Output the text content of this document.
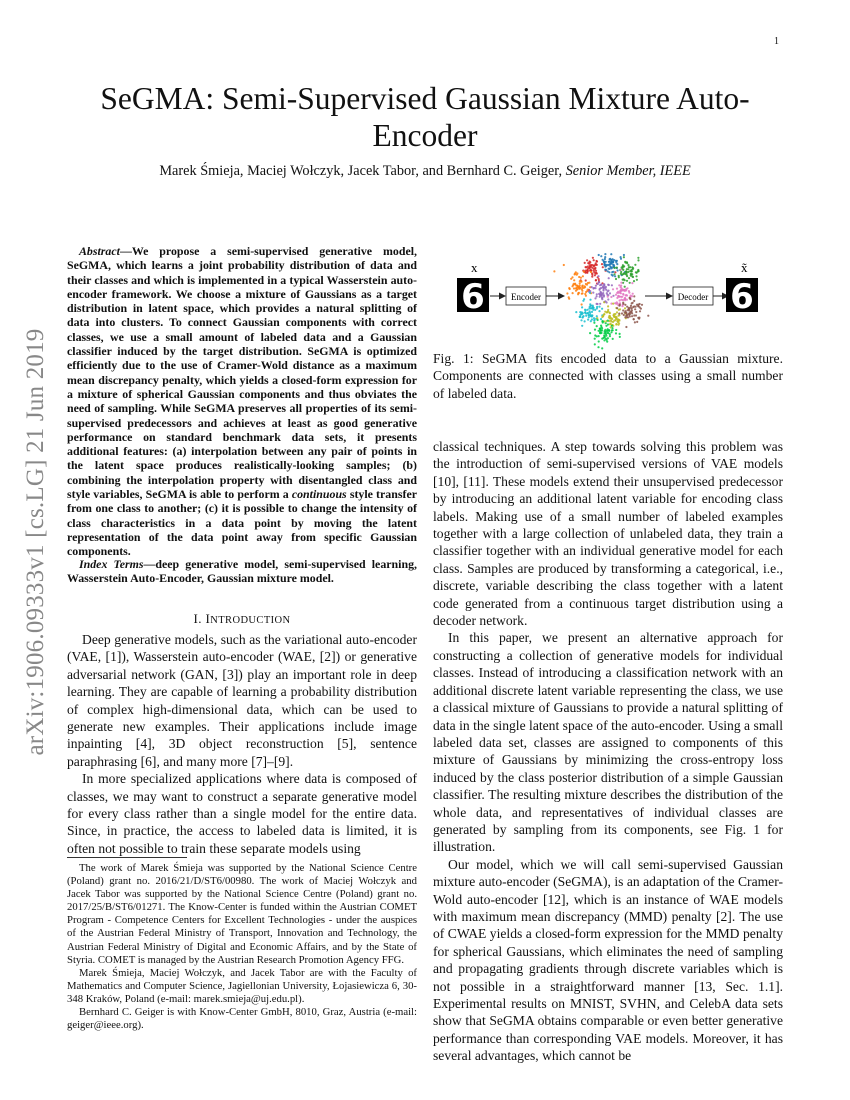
1
arXiv:1906.09333v1 [cs.LG] 21 Jun 2019
SeGMA: Semi-Supervised Gaussian Mixture Auto-Encoder
Marek Śmieja, Maciej Wołczyk, Jacek Tabor, and Bernhard C. Geiger, Senior Member, IEEE
Abstract—We propose a semi-supervised generative model, SeGMA, which learns a joint probability distribution of data and their classes and which is implemented in a typical Wasserstein auto-encoder framework. We choose a mixture of Gaussians as a target distribution in latent space, which provides a natural splitting of data into clusters. To connect Gaussian components with correct classes, we use a small amount of labeled data and a Gaussian classifier induced by the target distribution. SeGMA is optimized efficiently due to the use of Cramer-Wold distance as a maximum mean discrepancy penalty, which yields a closed-form expression for a mixture of spherical Gaussian components and thus obviates the need of sampling. While SeGMA preserves all properties of its semi-supervised predecessors and achieves at least as good generative performance on standard benchmark data sets, it presents additional features: (a) interpolation between any pair of points in the latent space produces realistically-looking samples; (b) combining the interpolation property with disentangled class and style variables, SeGMA is able to perform a continuous style transfer from one class to another; (c) it is possible to change the intensity of class characteristics in a data point by moving the latent representation of the data point away from specific Gaussian components.
Index Terms—deep generative model, semi-supervised learning, Wasserstein Auto-Encoder, Gaussian mixture model.
I. INTRODUCTION

Deep generative models, such as the variational auto-encoder (VAE, [1]), Wasserstein auto-encoder (WAE, [2]) or generative adversarial network (GAN, [3]) play an important role in deep learning. They are capable of learning a probability distribution of complex high-dimensional data, which can be used to generate new examples. Their applications include image inpainting [4], 3D object reconstruction [5], sentence paraphrasing [6], and many more [7]–[9].

In more specialized applications where data is composed of classes, we may want to construct a separate generative model for every class rather than a single model for the entire data. Since, in practice, the access to labeled data is limited, it is often not possible to train these separate models using

The work of Marek Śmieja was supported by the National Science Centre (Poland) grant no. 2016/21/D/ST6/00980. The work of Maciej Wołczyk and Jacek Tabor was supported by the National Science Centre (Poland) grant no. 2017/25/B/ST6/01271. The Know-Center is funded within the Austrian COMET Program - Competence Centers for Excellent Technologies - under the auspices of the Austrian Federal Ministry of Transport, Innovation and Technology, the Austrian Federal Ministry of Digital and Economic Affairs, and by the State of Styria. COMET is managed by the Austrian Research Promotion Agency FFG.

Marek Śmieja, Maciej Wołczyk, and Jacek Tabor are with the Faculty of Mathematics and Computer Science, Jagiellonian University, Łojasiewicza 6, 30-348 Kraków, Poland (e-mail: marek.smieja@uj.edu.pl).

Bernhard C. Geiger is with Know-Center GmbH, 8010, Graz, Austria (e-mail: geiger@ieee.org).

x
6	Encoder	Decoder
x̃
6
Fig. 1: SeGMA fits encoded data to a Gaussian mixture. Components are connected with classes using a small number of labeled data.

classical techniques. A step towards solving this problem was the introduction of semi-supervised versions of VAE models [10], [11]. These models extend their unsupervised predecessor by introducing an additional latent variable for encoding class labels. Making use of a small number of labeled examples together with a large collection of unlabeled data, they train a classifier together with an individual generative model for each class. Samples are produced by transforming a categorical, i.e., discrete, variable describing the class together with a latent code generated from a continuous target distribution using a decoder network.

In this paper, we present an alternative approach for constructing a collection of generative models for individual classes. Instead of introducing a classification network with an additional discrete latent variable representing the class, we use a classical mixture of Gaussians to provide a natural splitting of data in the single latent space of the auto-encoder. Using a small labeled data set, classes are assigned to components of this mixture of Gaussians by minimizing the cross-entropy loss induced by the class posterior distribution of a simple Gaussian classifier. The resulting mixture describes the distribution of the whole data, and representatives of individual classes are generated by sampling from its components, see Fig. 1 for illustration.

Our model, which we will call semi-supervised Gaussian mixture auto-encoder (SeGMA), is an adaptation of the Cramer-Wold auto-encoder [12], which is an instance of WAE models with maximum mean discrepancy (MMD) penalty [2]. The use of CWAE yields a closed-form expression for the MMD penalty for spherical Gaussians, which eliminates the need of sampling and propagating gradients through discrete variables which is not possible in a straightforward manner [13, Sec. 1.1]. Experimental results on MNIST, SVHN, and CelebA data sets show that SeGMA obtains comparable or even better generative performance than corresponding VAE models. Moreover, it has several advantages, which cannot be
